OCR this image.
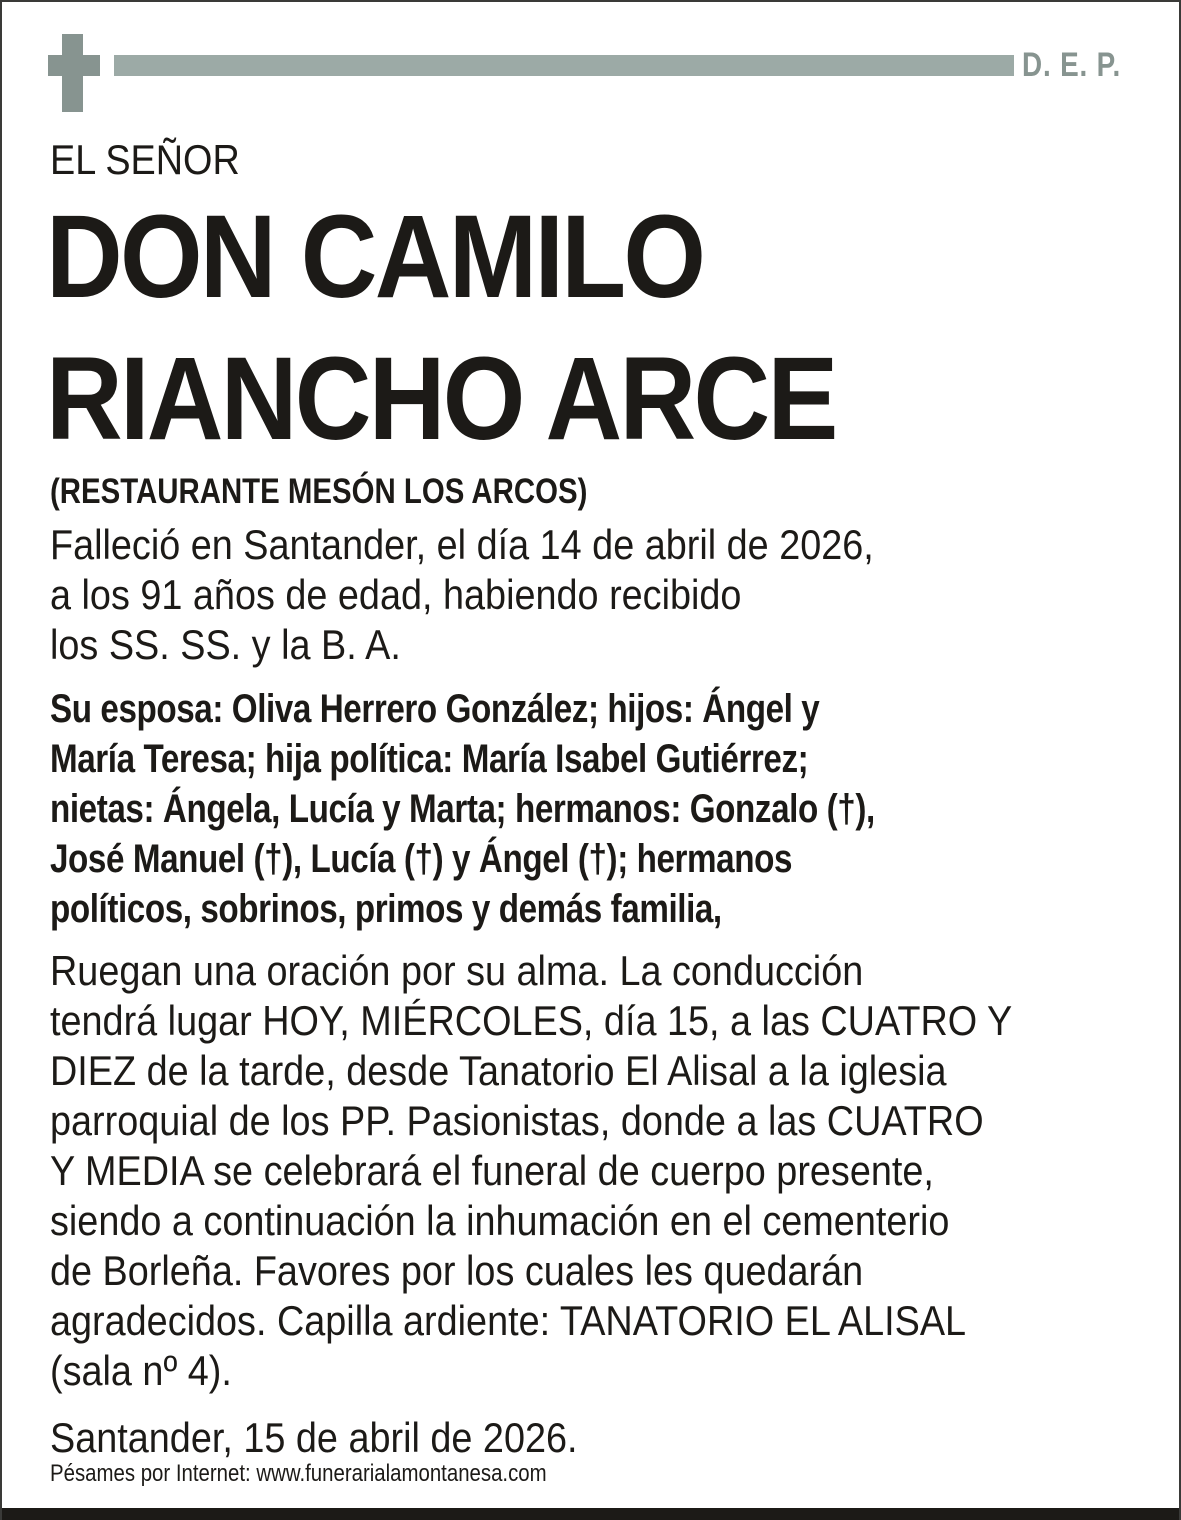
D. E. P.
EL SEÑOR
DON CAMILO
RIANCHO ARCE
(RESTAURANTE MESÓN LOS ARCOS)
Falleció en Santander, el día 14 de abril de 2026,
a los 91 años de edad, habiendo recibido
los SS. SS. y la B. A.
Su esposa: Oliva Herrero González; hijos: Ángel y
María Teresa; hija política: María Isabel Gutiérrez;
nietas: Ángela, Lucía y Marta; hermanos: Gonzalo (†),
José Manuel (†), Lucía (†) y Ángel (†); hermanos
políticos, sobrinos, primos y demás familia,
Ruegan una oración por su alma. La conducción
tendrá lugar HOY, MIÉRCOLES, día 15, a las CUATRO Y
DIEZ de la tarde, desde Tanatorio El Alisal a la iglesia
parroquial de los PP. Pasionistas, donde a las CUATRO
Y MEDIA se celebrará el funeral de cuerpo presente,
siendo a continuación la inhumación en el cementerio
de Borleña. Favores por los cuales les quedarán
agradecidos. Capilla ardiente: TANATORIO EL ALISAL
(sala nº 4).
Santander, 15 de abril de 2026.
Pésames por Internet: www.funerarialamontanesa.com
